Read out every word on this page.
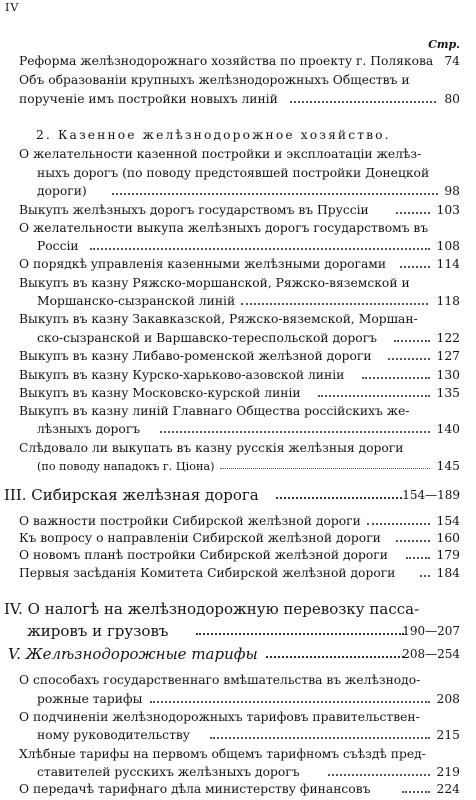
IV
Стр.
Реформа желѣзнодорожнаго хозяйства по проекту г. Полякова 74
Объ образованіи крупныхъ желѣзнодорожныхъ Обществъ и
порученіе имъ постройки новыхъ линій	80
2. Казенное желѣзнодорожное хозяйство.
О желательности казенной постройки и эксплоатаціи желѣз-
ныхъ дорогъ (по поводу предстоявшей постройки Донецкой
дороги)	98
Выкупъ желѣзныхъ дорогъ государствомъ въ Пруссіи	103
О желательности выкупа желѣзныхъ дорогъ государствомъ въ
Россіи	108
О порядкѣ управленія казенными желѣзными дорогами	114
Выкупъ въ казну Ряжско-моршанской, Ряжско-вяземской и
Моршанско-сызранской линій	118
Выкупъ въ казну Закавказской, Ряжско-вяземской, Моршан-
ско-сызранской и Варшавско-тереспольской дорогъ	122
Выкупъ въ казну Либаво-роменской желѣзной дороги	127
Выкупъ въ казну Курско-харьково-азовской линіи	130
Выкупъ въ казну Московско-курской линіи	135
Выкупъ въ казну линій Главнаго Общества россійскихъ же-
лѣзныхъ дорогъ	140
Слѣдовало ли выкупать въ казну русскія желѣзныя дороги
(по поводу нападокъ г. Ціона)	145
III. Сибирская желѣзная дорога	154—189
О важности постройки Сибирской желѣзной дороги	154
Къ вопросу о направленіи Сибирской желѣзной дороги	160
О новомъ планѣ постройки Сибирской желѣзной дороги	179
Первыя засѣданія Комитета Сибирской желѣзной дороги	184
IV. О налогѣ на желѣзнодорожную перевозку пасса-
жировъ и грузовъ	190—207
V. Желѣзнодорожные тарифы	208—254
О способахъ государственнаго вмѣшательства въ желѣзнодо-
рожные тарифы	208
О подчиненіи желѣзнодорожныхъ тарифовъ правительствен-
ному руководительству	215
Хлѣбные тарифы на первомъ общемъ тарифномъ съѣздѣ пред-
ставителей русскихъ желѣзныхъ дорогъ	219
О передачѣ тарифнаго дѣла министерству финансовъ	224
